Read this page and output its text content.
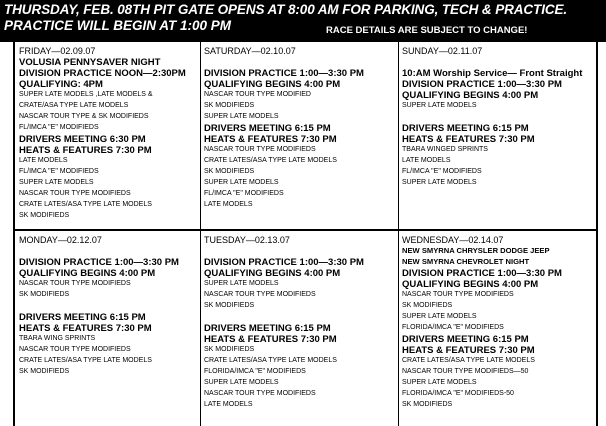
THURSDAY, FEB. 08TH PIT GATE OPENS AT 8:00 AM FOR PARKING, TECH & PRACTICE.
PRACTICE WILL BEGIN AT 1:00 PM	RACE DETAILS ARE SUBJECT TO CHANGE!
FRIDAY—02.09.07
VOLUSIA PENNYSAVER NIGHT
DIVISION PRACTICE NOON—2:30PM
QUALIFYING: 4PM
SUPER LATE MODELS ,LATE MODELS &
CRATE/ASA TYPE LATE MODELS
NASCAR TOUR TYPE & SK MODIFIEDS
FL/IMCA "E" MODIFIEDS
DRIVERS MEETING 6:30 PM
HEATS & FEATURES 7:30 PM
LATE MODELS
FL/IMCA "E" MODIFIEDS
SUPER LATE MODELS
NASCAR TOUR TYPE MODIFIEDS
CRATE LATES/ASA TYPE LATE MODELS
SK MODIFIEDS
SATURDAY—02.10.07
DIVISION PRACTICE 1:00—3:30 PM
QUALIFYING BEGINS 4:00 PM
NASCAR TOUR TYPE MODIFIED
SK MODIFIEDS
SUPER LATE MODELS
DRIVERS MEETING 6:15 PM
HEATS & FEATURES 7:30 PM
NASCAR TOUR TYPE MODIFIEDS
CRATE LATES/ASA TYPE LATE MODELS
SK MODIFIEDS
SUPER LATE MODELS
FL/IMCA "E" MODIFIEDS
LATE MODELS
SUNDAY—02.11.07
10:AM Worship Service— Front Straight
DIVISION PRACTICE 1:00—3:30 PM
QUALIFYING BEGINS 4:00 PM
SUPER LATE MODELS
DRIVERS MEETING 6:15 PM
HEATS & FEATURES 7:30 PM
TBARA WINGED SPRINTS
LATE MODELS
FL/IMCA "E" MODIFIEDS
SUPER LATE MODELS
MONDAY—02.12.07
DIVISION PRACTICE 1:00—3:30 PM
QUALIFYING BEGINS 4:00 PM
NASCAR TOUR TYPE MODIFIEDS
SK MODIFIEDS
DRIVERS MEETING 6:15 PM
HEATS & FEATURES 7:30 PM
TBARA WING SPRINTS
NASCAR TOUR TYPE MODIFIEDS
CRATE LATES/ASA TYPE LATE MODELS
SK MODIFIEDS
TUESDAY—02.13.07
DIVISION PRACTICE 1:00—3:30 PM
QUALIFYING BEGINS 4:00 PM
SUPER LATE MODELS
NASCAR TOUR TYPE MODIFIEDS
SK MODIFIEDS
DRIVERS MEETING 6:15 PM
HEATS & FEATURES 7:30 PM
SK MODIFIEDS
CRATE LATES/ASA TYPE LATE MODELS
FLORIDA/IMCA "E" MODIFIEDS
SUPER LATE MODELS
NASCAR TOUR TYPE MODIFIEDS
LATE MODELS
WEDNESDAY—02.14.07
NEW SMYRNA CHRYSLER DODGE JEEP
NEW SMYRNA CHEVROLET NIGHT
DIVISION PRACTICE 1:00—3:30 PM
QUALIFYING BEGINS 4:00 PM
NASCAR TOUR TYPE MODIFIEDS
SK MODIFIEDS
SUPER LATE MODELS
FLORIDA/IMCA "E" MODIFIEDS
DRIVERS MEETING 6:15 PM
HEATS & FEATURES 7:30 PM
CRATE LATES/ASA TYPE LATE MODELS
NASCAR TOUR TYPE MODIFIEDS—50
SUPER LATE MODELS
FLORIDA/IMCA "E" MODIFIEDS-50
SK MODIFIEDS
